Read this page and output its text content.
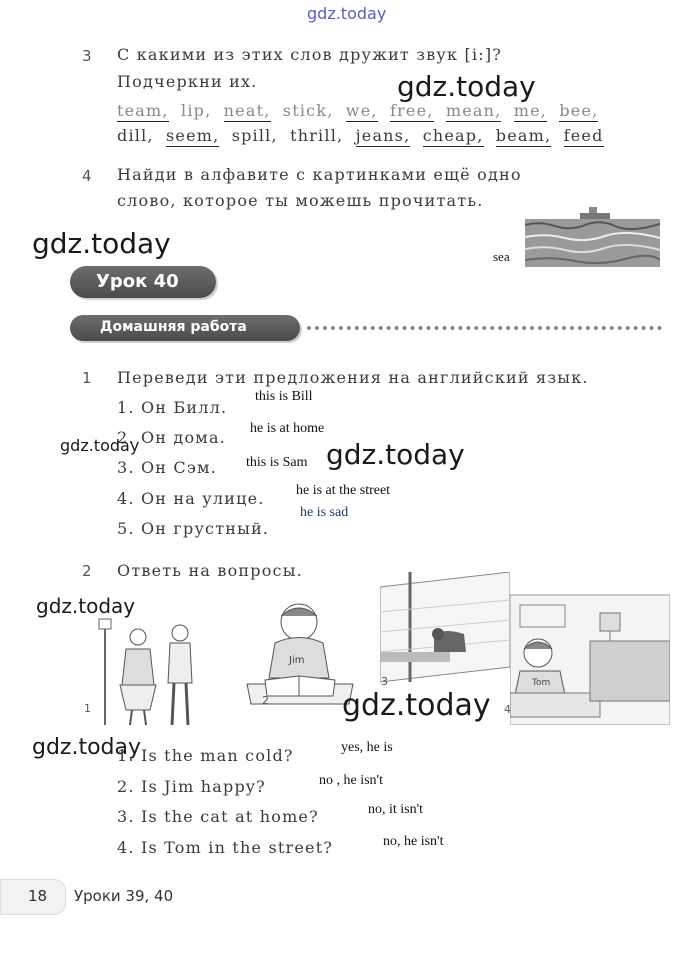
gdz.today
3 С какими из этих слов дружит звук [i:]?
Подчеркни их.
team, lip, neat, stick, we, free, mean, me, bee,
dill, seem, spill, thrill, jeans, cheap, beam, feed
gdz.today
4 Найди в алфавите с картинками ещё одно
слово, которое ты можешь прочитать.
sea
gdz.today
Урок 40
Домашняя работа
1 Переведи эти предложения на английский язык.
1. Он Билл.
this is Bill
2. Он дома. he is at home
3. Он Сэм. this is Sam
4. Он на улице. he is at the street
5. Он грустный.
he is sad
gdz.today	gdz.today
2 Ответь на вопросы.
gdz.today
1
Jim
2
3	Tom
4
gdz.today
gdz.today
1. Is the man cold?	yes, he is
2. Is Jim happy?	no , he isn't
3. Is the cat at home?	no, it isn't
4. Is Tom in the street?	no, he isn't
18 Уроки 39, 40
